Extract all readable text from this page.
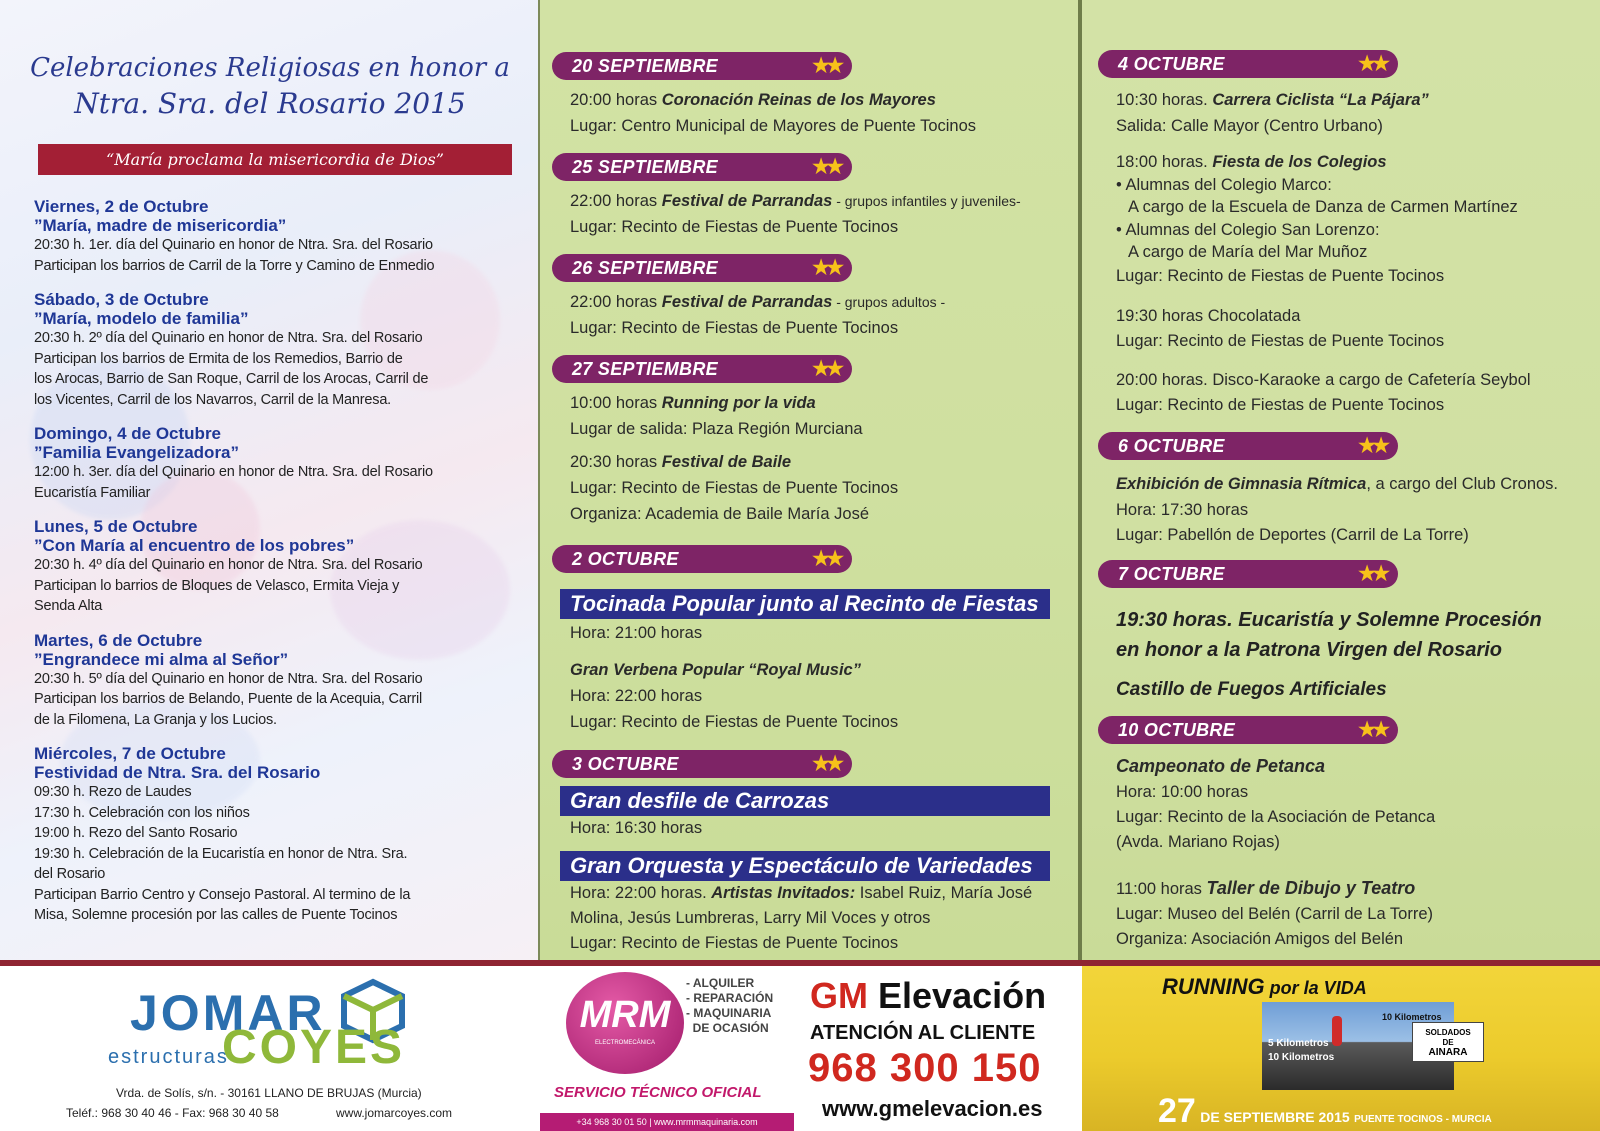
Celebraciones Religiosas en honor a
Ntra. Sra. del Rosario 2015
“María proclama la misericordia de Dios”
Viernes, 2 de Octubre
”María, madre de misericordia”
20:30 h. 1er. día del Quinario en honor de Ntra. Sra. del Rosario
Participan los barrios de Carril de la Torre y Camino de Enmedio
Sábado, 3 de Octubre
”María, modelo de familia”
20:30 h. 2º día del Quinario en honor de Ntra. Sra. del Rosario
Participan los barrios de Ermita de los Remedios, Barrio de
los Arocas, Barrio de San Roque, Carril de los Arocas, Carril de
los Vicentes, Carril de los Navarros, Carril de la Manresa.
Domingo, 4 de Octubre
”Familia Evangelizadora”
12:00 h. 3er. día del Quinario en honor de Ntra. Sra. del Rosario
Eucaristía Familiar
Lunes, 5 de Octubre
”Con María al encuentro de los pobres”
20:30 h. 4º día del Quinario en honor de Ntra. Sra. del Rosario
Participan lo barrios de Bloques de Velasco, Ermita Vieja y
Senda Alta
Martes, 6 de Octubre
”Engrandece mi alma al Señor”
20:30 h. 5º día del Quinario en honor de Ntra. Sra. del Rosario
Participan los barrios de Belando, Puente de la Acequia, Carril
de la Filomena, La Granja y los Lucios.
Miércoles, 7 de Octubre
Festividad de Ntra. Sra. del Rosario
09:30 h. Rezo de Laudes
17:30 h. Celebración con los niños
19:00 h. Rezo del Santo Rosario
19:30 h. Celebración de la Eucaristía en honor de Ntra. Sra.
del Rosario
Participan Barrio Centro y Consejo Pastoral. Al termino de la
Misa, Solemne procesión por las calles de Puente Tocinos
20 SEPTIEMBRE	★★
20:00 horas Coronación Reinas de los Mayores
Lugar: Centro Municipal de Mayores de Puente Tocinos
25 SEPTIEMBRE	★★
22:00 horas Festival de Parrandas - grupos infantiles y juveniles-
Lugar: Recinto de Fiestas de Puente Tocinos
26 SEPTIEMBRE	★★
22:00 horas Festival de Parrandas - grupos adultos -
Lugar: Recinto de Fiestas de Puente Tocinos
27 SEPTIEMBRE	★★
10:00 horas Running por la vida
Lugar de salida: Plaza Región Murciana
20:30 horas Festival de Baile
Lugar: Recinto de Fiestas de Puente Tocinos
Organiza: Academia de Baile María José
2 OCTUBRE	★★
Tocinada Popular junto al Recinto de Fiestas
Hora: 21:00 horas
Gran Verbena Popular “Royal Music”
Hora: 22:00 horas
Lugar: Recinto de Fiestas de Puente Tocinos
3 OCTUBRE	★★
Gran desfile de Carrozas
Hora: 16:30 horas
Gran Orquesta y Espectáculo de Variedades
Hora: 22:00 horas. Artistas Invitados: Isabel Ruiz, María José
Molina, Jesús Lumbreras, Larry Mil Voces y otros
Lugar: Recinto de Fiestas de Puente Tocinos
4 OCTUBRE	★★
10:30 horas. Carrera Ciclista “La Pájara”
Salida: Calle Mayor (Centro Urbano)
18:00 horas. Fiesta de los Colegios
• Alumnas del Colegio Marco:
A cargo de la Escuela de Danza de Carmen Martínez
• Alumnas del Colegio San Lorenzo:
A cargo de María del Mar Muñoz
Lugar: Recinto de Fiestas de Puente Tocinos
19:30 horas Chocolatada
Lugar: Recinto de Fiestas de Puente Tocinos
20:00 horas. Disco-Karaoke a cargo de Cafetería Seybol
Lugar: Recinto de Fiestas de Puente Tocinos
6 OCTUBRE	★★
Exhibición de Gimnasia Rítmica, a cargo del Club Cronos.
Hora: 17:30 horas
Lugar: Pabellón de Deportes (Carril de La Torre)
7 OCTUBRE	★★
19:30 horas. Eucaristía y Solemne Procesión
en honor a la Patrona Virgen del Rosario
Castillo de Fuegos Artificiales
10 OCTUBRE	★★
Campeonato de Petanca
Hora: 10:00 horas
Lugar: Recinto de la Asociación de Petanca
(Avda. Mariano Rojas)
11:00 horas Taller de Dibujo y Teatro
Lugar: Museo del Belén (Carril de La Torre)
Organiza: Asociación Amigos del Belén
JOMAR
estructuras
COYES
Vrda. de Solís, s/n. - 30161 LLANO DE BRUJAS (Murcia)
Teléf.: 968 30 40 46 - Fax: 968 30 40 58	www.jomarcoyes.com
MRM
ELECTROMECÁNICA
- ALQUILER
- REPARACIÓN
- MAQUINARIA
DE OCASIÓN
SERVICIO TÉCNICO OFICIAL
+34 968 30 01 50 | www.mrmmaquinaria.com
GM Elevación
ATENCIÓN AL CLIENTE
968 300 150
www.gmelevacion.es
RUNNING por la VIDA
5 Kilometros
10 Kilometros
10 Kilometros
SOLDADOS
DE
AINARA
27 DE SEPTIEMBRE 2015 PUENTE TOCINOS - MURCIA
